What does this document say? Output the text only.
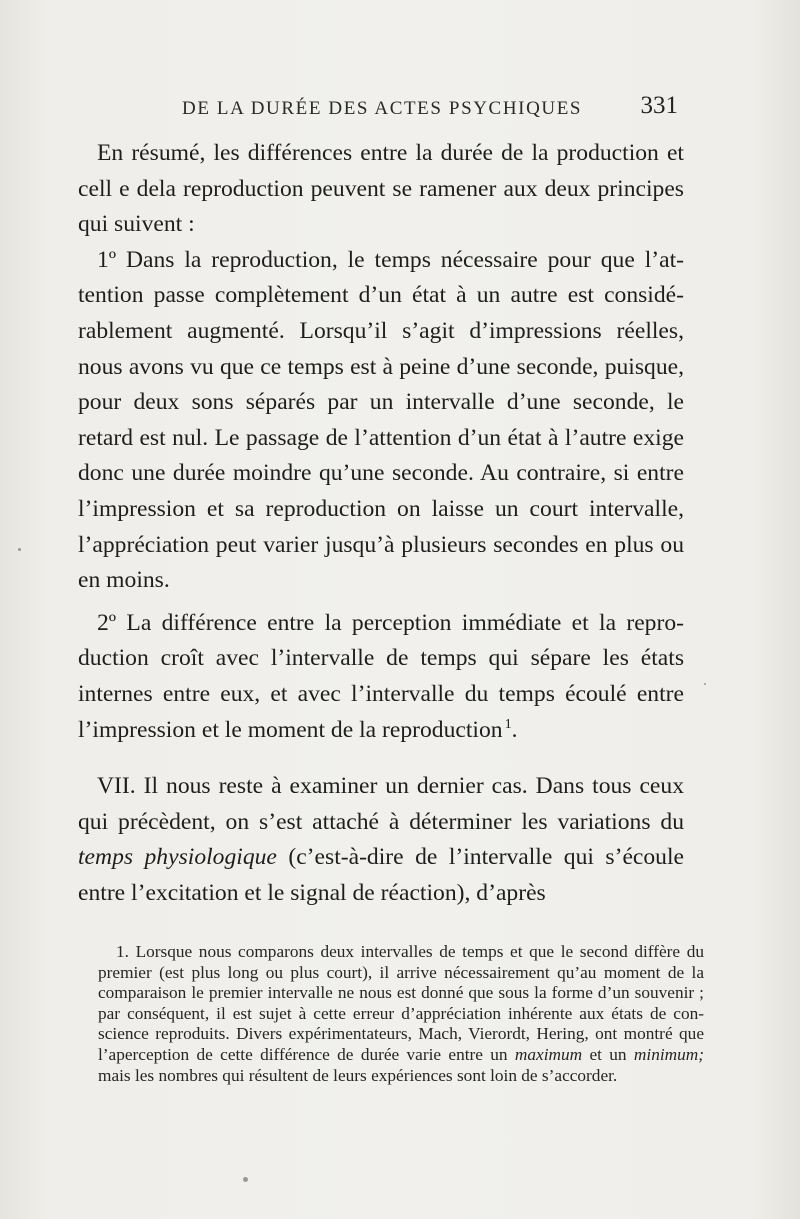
DE LA DURÉE DES ACTES PSYCHIQUES 331

En résumé, les différences entre la durée de la production et cell e dela reproduction peuvent se ramener aux deux principes qui suivent :

1º Dans la reproduction, le temps nécessaire pour que l’attention passe complètement d’un état à un autre est considérablement augmenté. Lorsqu’il s’agit d’impressions réelles, nous avons vu que ce temps est à peine d’une seconde, puisque, pour deux sons séparés par un intervalle d’une seconde, le retard est nul. Le passage de l’attention d’un état à l’autre exige donc une durée moindre qu’une seconde. Au contraire, si entre l’impression et sa reproduction on laisse un court intervalle, l’appréciation peut varier jusqu’à plusieurs secondes en plus ou en moins.

2º La différence entre la perception immédiate et la reproduction croît avec l’intervalle de temps qui sépare les états internes entre eux, et avec l’intervalle du temps écoulé entre l’impression et le moment de la reproduction  $^1$.

VII. Il nous reste à examiner un dernier cas. Dans tous ceux qui précèdent, on s’est attaché à déterminer les variations du temps physiologique (c’est-à-dire de l’intervalle qui s’écoule entre l’excitation et le signal de réaction), d’après

1. Lorsque nous comparons deux intervalles de temps et que le second diffère du premier (est plus long ou plus court), il arrive nécessairement qu’au moment de la comparaison le premier intervalle ne nous est donné que sous la forme d’un souvenir ; par conséquent, il est sujet à cette erreur d’appréciation inhérente aux états de conscience reproduits. Divers expérimentateurs, Mach, Vierordt, Hering, ont montré que l’aperception de cette différence de durée varie entre un maximum et un minimum; mais les nombres qui résultent de leurs expériences sont loin de s’accorder.
